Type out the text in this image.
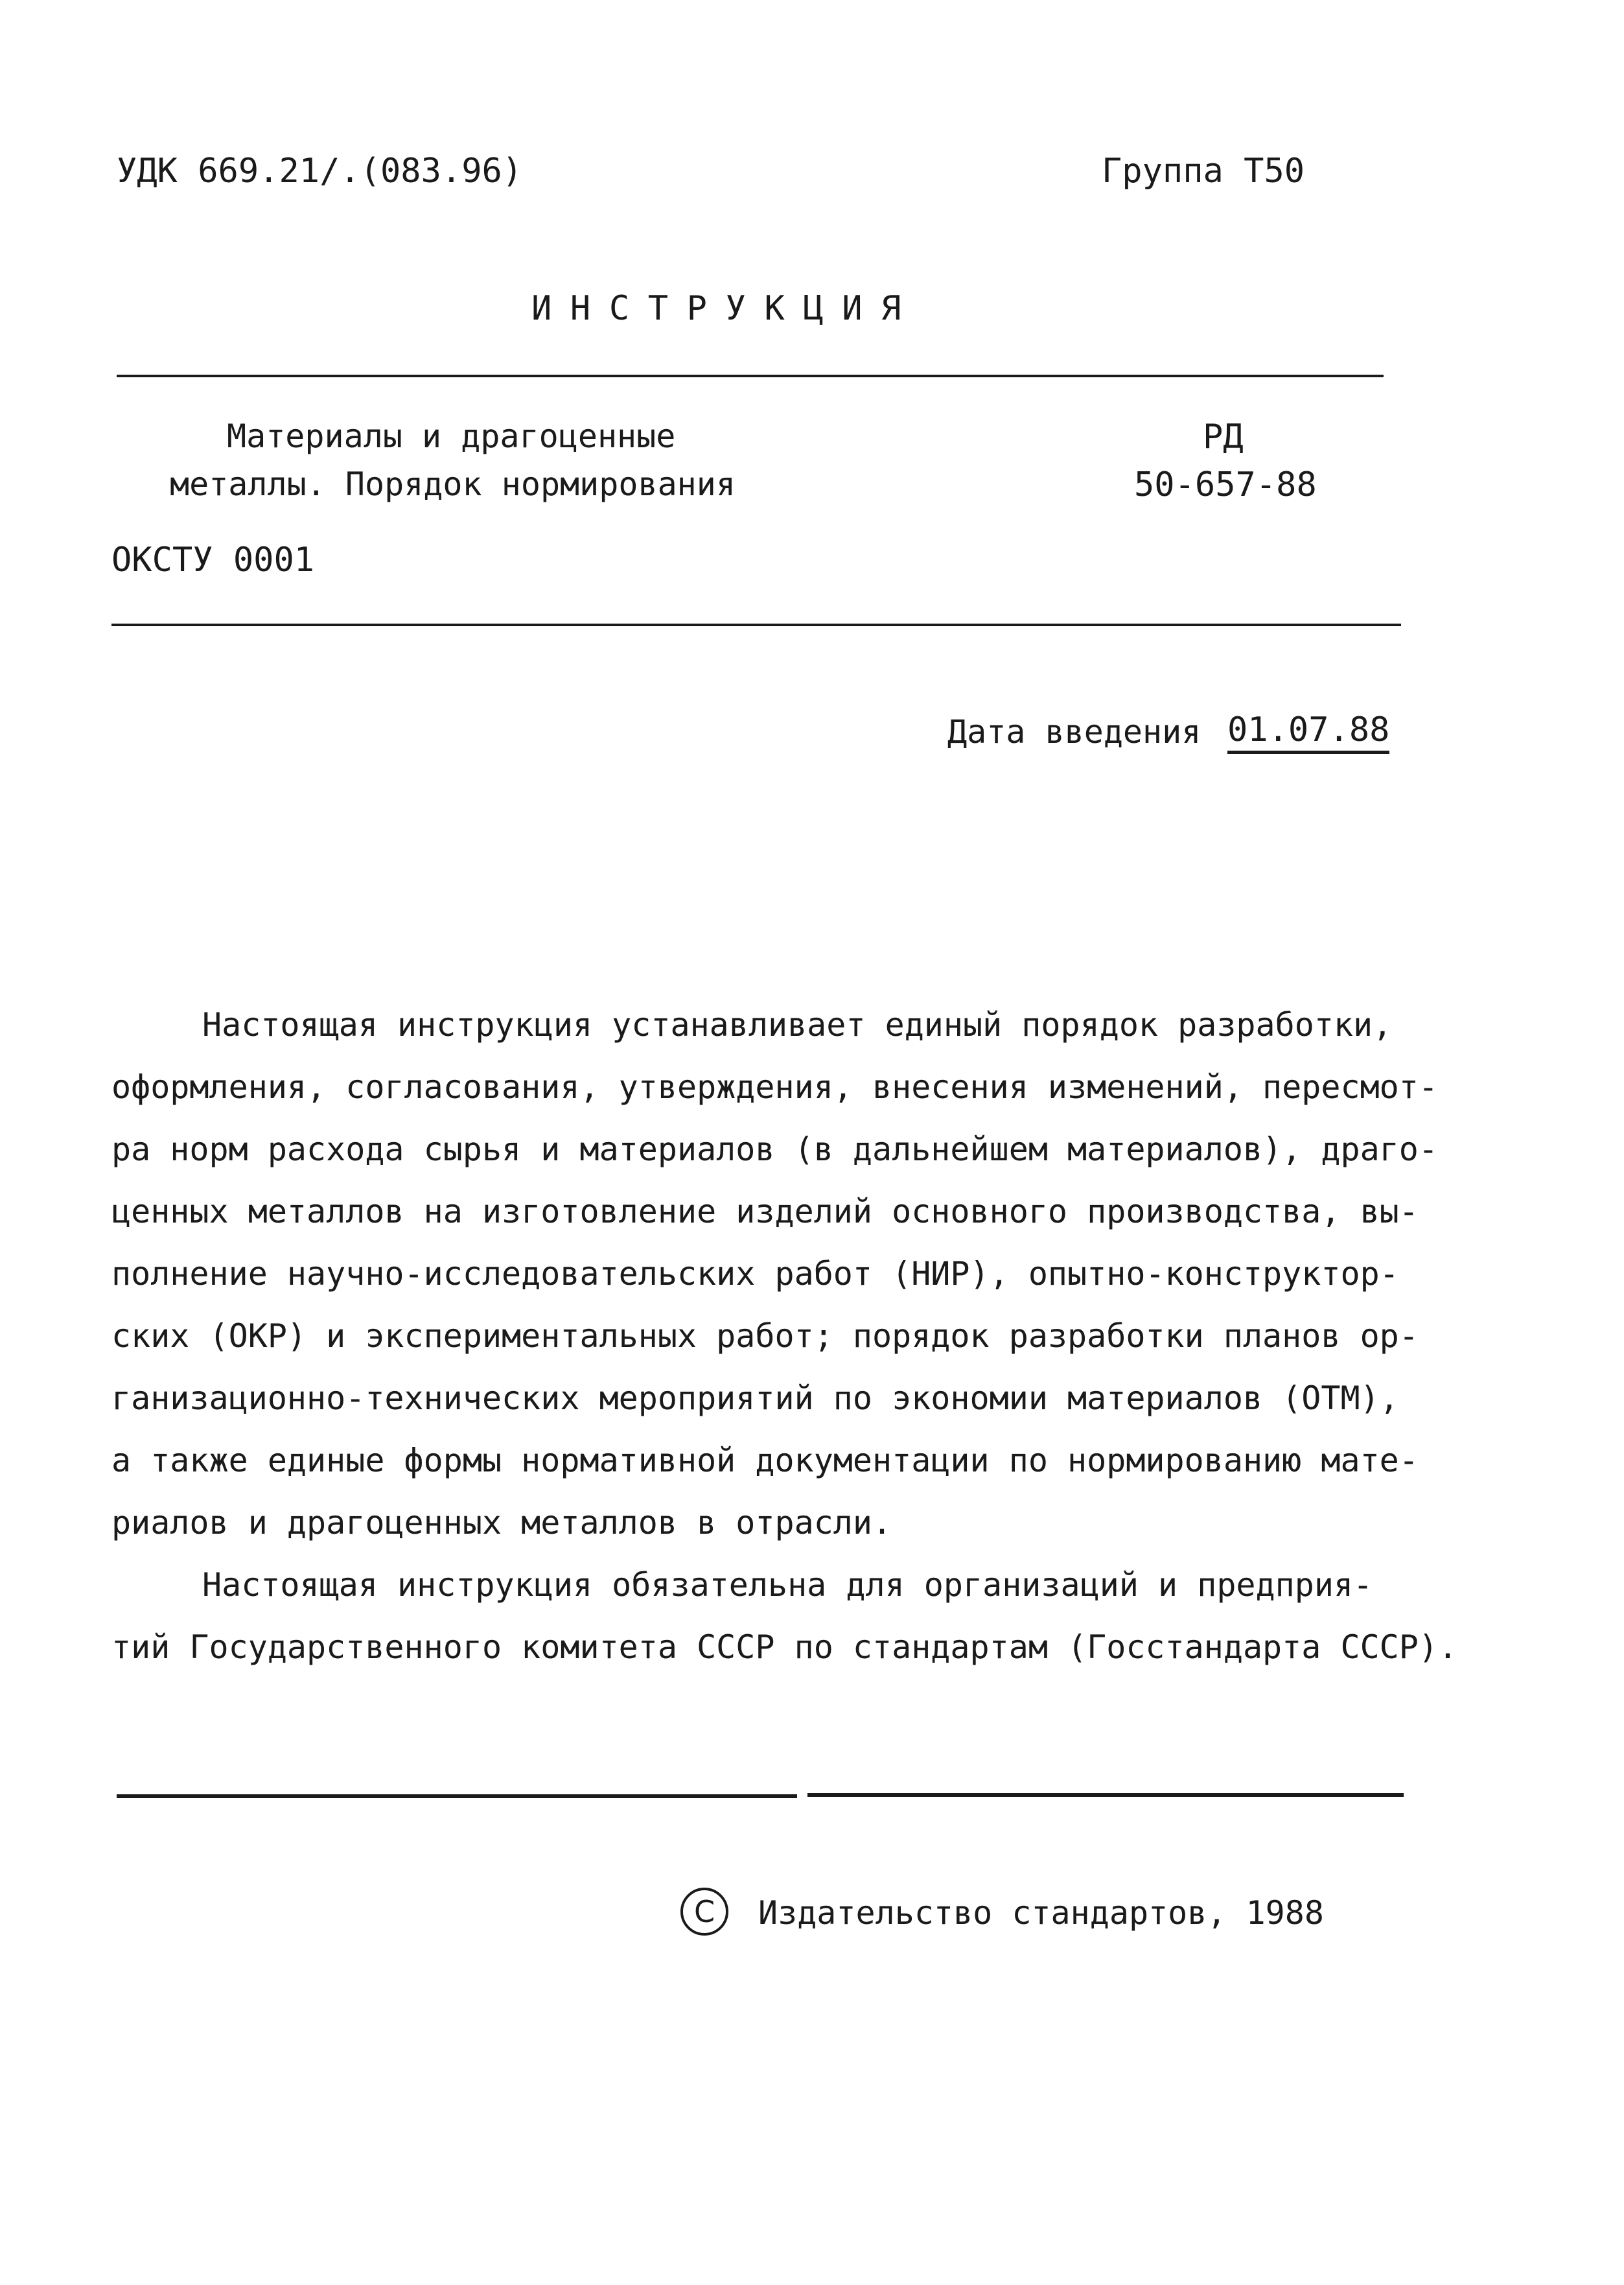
УДК 669.21/.(083.96)	Группа Т50
ИНСТРУКЦИЯ
Материалы и драгоценные
металлы. Порядок нормирования
РД
50-657-88
ОКСТУ 0001
Дата введения 01.07.88
Настоящая инструкция устанавливает единый порядок разработки,
оформления, согласования, утверждения, внесения изменений, пересмот-
ра норм расхода сырья и материалов (в дальнейшем материалов), драго-
ценных металлов на изготовление изделий основного производства, вы-
полнение научно-исследовательских работ (НИР), опытно-конструктор-
ских (ОКР) и экспериментальных работ; порядок разработки планов ор-
ганизационно-технических мероприятий по экономии материалов (ОТМ),
а также единые формы нормативной документации по нормированию мате-
риалов и драгоценных металлов в отрасли.
Настоящая инструкция обязательна для организаций и предприя-
тий Государственного комитета СССР по стандартам (Госстандарта СССР).
C Издательство стандартов, 1988
